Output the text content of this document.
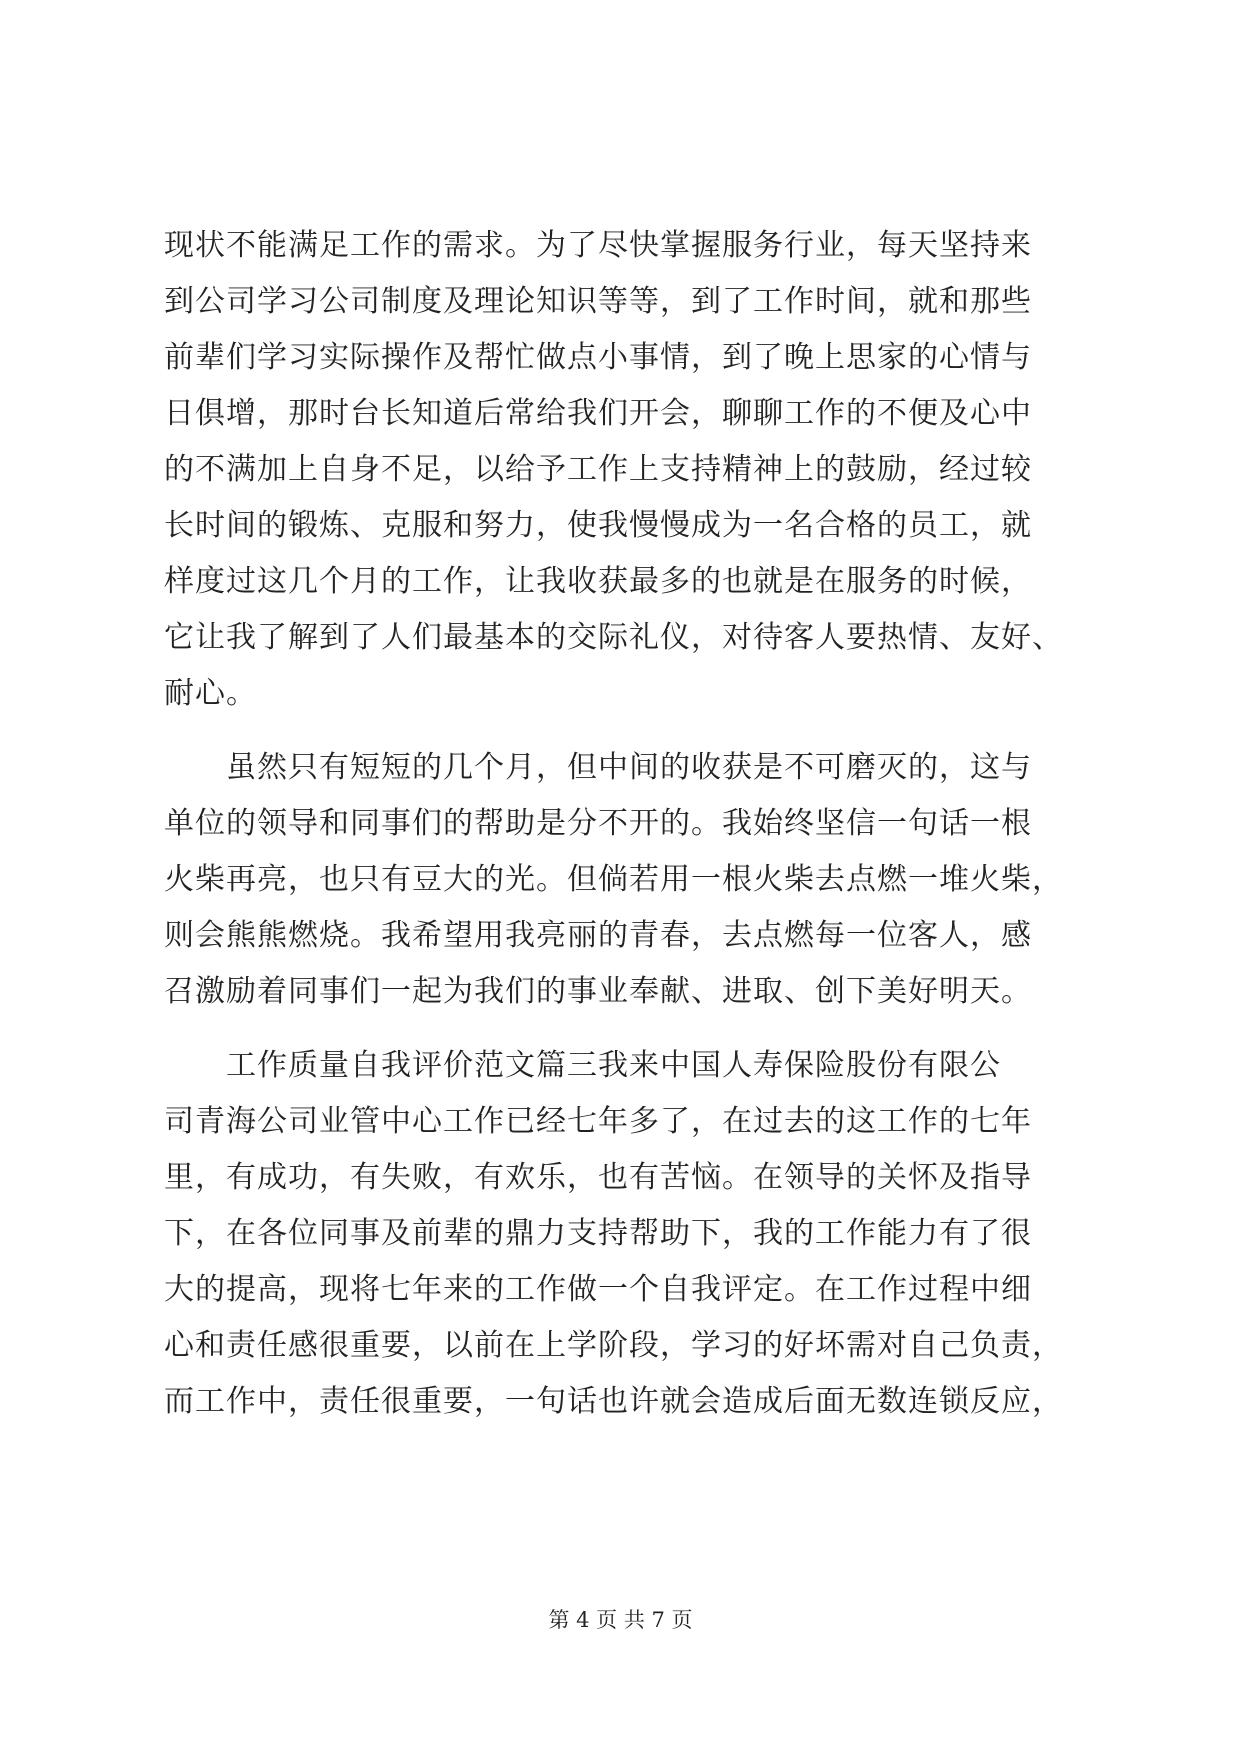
现状不能满足工作的需求。为了尽快掌握服务行业，每天坚持来
到公司学习公司制度及理论知识等等，到了工作时间，就和那些
前辈们学习实际操作及帮忙做点小事情，到了晚上思家的心情与
日俱增，那时台长知道后常给我们开会，聊聊工作的不便及心中
的不满加上自身不足，以给予工作上支持精神上的鼓励，经过较
长时间的锻炼、克服和努力，使我慢慢成为一名合格的员工，就
样度过这几个月的工作，让我收获最多的也就是在服务的时候，
它让我了解到了人们最基本的交际礼仪，对待客人要热情、友好、
耐心。
　　虽然只有短短的几个月，但中间的收获是不可磨灭的，这与
单位的领导和同事们的帮助是分不开的。我始终坚信一句话一根
火柴再亮，也只有豆大的光。但倘若用一根火柴去点燃一堆火柴，
则会熊熊燃烧。我希望用我亮丽的青春，去点燃每一位客人，感
召激励着同事们一起为我们的事业奉献、进取、创下美好明天。
　　工作质量自我评价范文篇三我来中国人寿保险股份有限公
司青海公司业管中心工作已经七年多了，在过去的这工作的七年
里，有成功，有失败，有欢乐，也有苦恼。在领导的关怀及指导
下，在各位同事及前辈的鼎力支持帮助下，我的工作能力有了很
大的提高，现将七年来的工作做一个自我评定。在工作过程中细
心和责任感很重要，以前在上学阶段，学习的好坏需对自己负责，
而工作中，责任很重要，一句话也许就会造成后面无数连锁反应，
第 4 页 共 7 页
